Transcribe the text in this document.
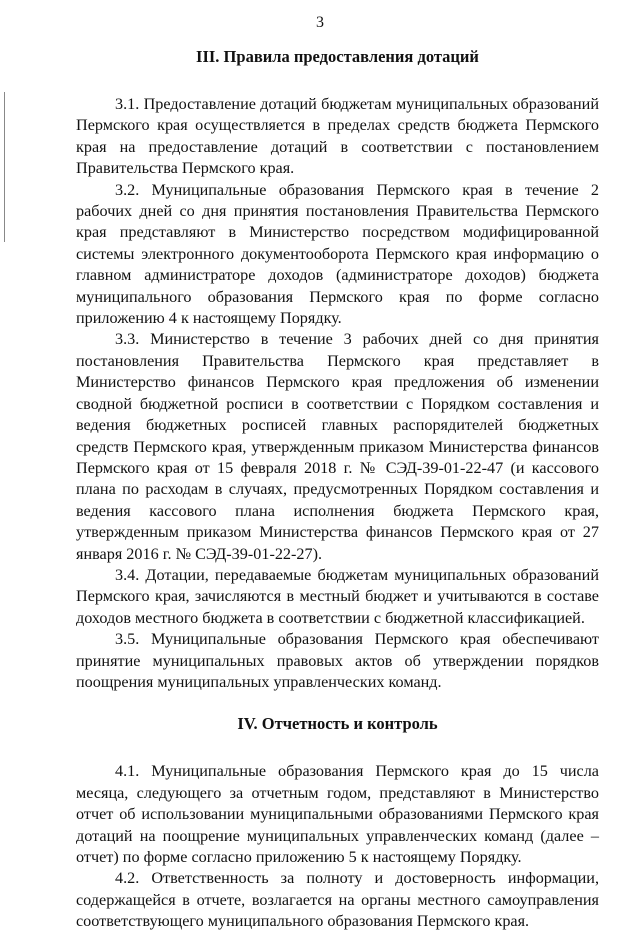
3
III. Правила предоставления дотаций

3.1. Предоставление дотаций бюджетам муниципальных образований Пермского края осуществляется в пределах средств бюджета Пермского края на предоставление дотаций в соответствии с постановлением Правительства Пермского края.

3.2. Муниципальные образования Пермского края в течение 2 рабочих дней со дня принятия постановления Правительства Пермского края представляют в Министерство посредством модифицированной системы электронного документооборота Пермского края информацию о главном администраторе доходов (администраторе доходов) бюджета муниципального образования Пермского края по форме согласно приложению 4 к настоящему Порядку.

3.3. Министерство в течение 3 рабочих дней со дня принятия постановления Правительства Пермского края представляет в Министерство финансов Пермского края предложения об изменении сводной бюджетной росписи в соответствии с Порядком составления и ведения бюджетных росписей главных распорядителей бюджетных средств Пермского края, утвержденным приказом Министерства финансов Пермского края от 15 февраля 2018 г. № СЭД-39-01-22-47 (и кассового плана по расходам в случаях, предусмотренных Порядком составления и ведения кассового плана исполнения бюджета Пермского края, утвержденным приказом Министерства финансов Пермского края от 27 января 2016 г. № СЭД-39-01-22-27).

3.4. Дотации, передаваемые бюджетам муниципальных образований Пермского края, зачисляются в местный бюджет и учитываются в составе доходов местного бюджета в соответствии с бюджетной классификацией.

3.5. Муниципальные образования Пермского края обеспечивают принятие муниципальных правовых актов об утверждении порядков поощрения муниципальных управленческих команд.

IV. Отчетность и контроль

4.1. Муниципальные образования Пермского края до 15 числа месяца, следующего за отчетным годом, представляют в Министерство отчет об использовании муниципальными образованиями Пермского края дотаций на поощрение муниципальных управленческих команд (далее – отчет) по форме согласно приложению 5 к настоящему Порядку.

4.2. Ответственность за полноту и достоверность информации, содержащейся в отчете, возлагается на органы местного самоуправления соответствующего муниципального образования Пермского края.
